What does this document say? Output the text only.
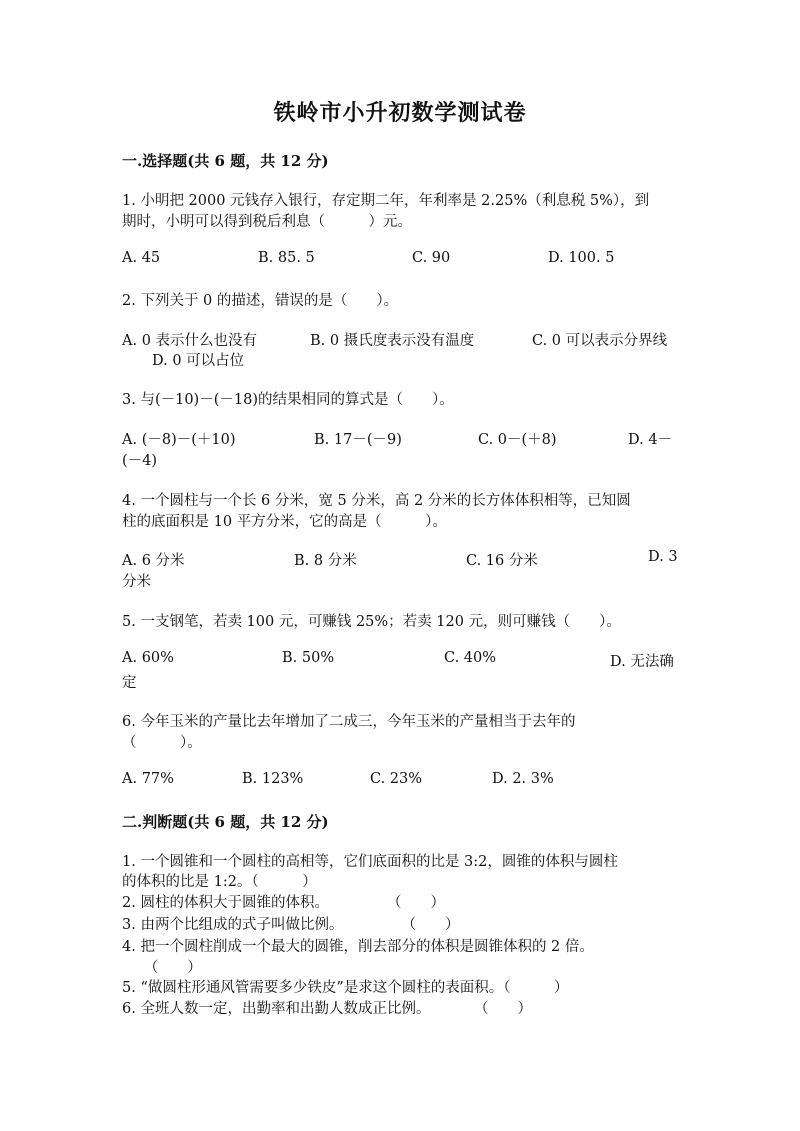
铁岭市小升初数学测试卷
一.选择题(共 6 题，共 12 分)
1. 小明把 2000 元钱存入银行，存定期二年，年利率是 2.25%（利息税 5%），到
期时，小明可以得到税后利息（　　　）元。
A. 45	B. 85. 5	C. 90	D. 100. 5
2. 下列关于 0 的描述，错误的是（　　）。
A. 0 表示什么也没有	B. 0 摄氏度表示没有温度	C. 0 可以表示分界线
D. 0 可以占位
3. 与(－10)－(－18)的结果相同的算式是（　　）。
A. (－8)－(＋10)	B. 17－(－9)	C. 0－(＋8)	D. 4－
(－4)
4. 一个圆柱与一个长 6 分米，宽 5 分米，高 2 分米的长方体体积相等，已知圆
柱的底面积是 10 平方分米，它的高是（　　　）。
A. 6 分米	B. 8 分米	C. 16 分米	D. 3
分米
5. 一支钢笔，若卖 100 元，可赚钱 25%；若卖 120 元，则可赚钱（　　）。
A. 60%	B. 50%	C. 40%	D. 无法确
定
6. 今年玉米的产量比去年增加了二成三，今年玉米的产量相当于去年的
（　　　）。
A. 77%	B. 123%	C. 23%	D. 2. 3%
二.判断题(共 6 题，共 12 分)
1. 一个圆锥和一个圆柱的高相等，它们底面积的比是 3:2，圆锥的体积与圆柱
的体积的比是 1:2。（　　　）
2. 圆柱的体积大于圆锥的体积。　　　　　（　　）
3. 由两个比组成的式子叫做比例。　　　　　（　　）
4. 把一个圆柱削成一个最大的圆锥，削去部分的体积是圆锥体积的 2 倍。
　　（　　）
5. “做圆柱形通风管需要多少铁皮”是求这个圆柱的表面积。（　　　）
6. 全班人数一定，出勤率和出勤人数成正比例。　　　　（　　）
